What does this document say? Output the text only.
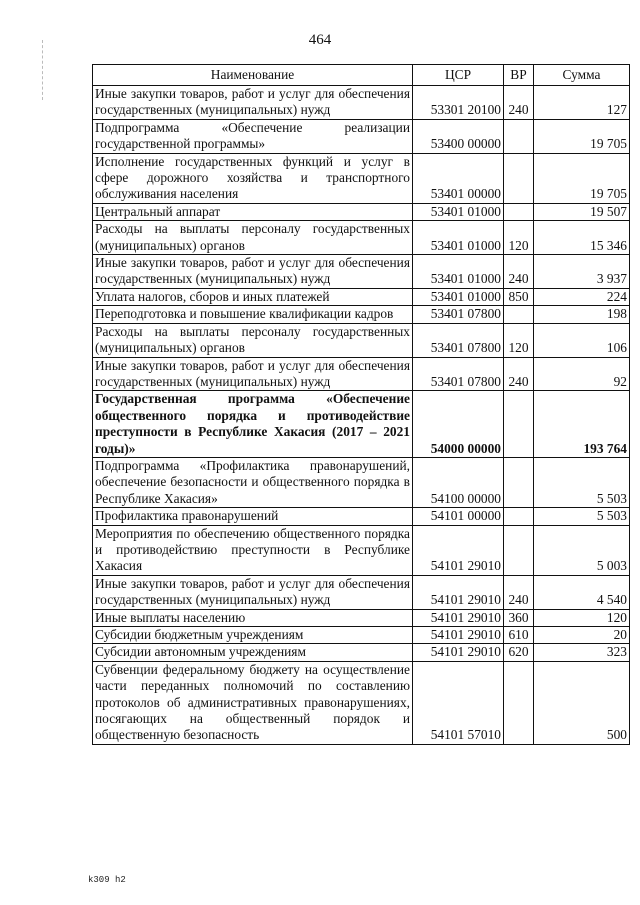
464
Наименование	ЦСР	ВР	Сумма
Иные закупки товаров, работ и услуг для обеспечения государственных (муниципальных) нужд	53301 20100	240	127
Подпрограмма «Обеспечение реализации государственной программы»	53400 00000		19 705
Исполнение государственных функций и услуг в сфере дорожного хозяйства и транспортного обслуживания населения	53401 00000		19 705
Центральный аппарат	53401 01000		19 507
Расходы на выплаты персоналу государственных (муниципальных) органов	53401 01000	120	15 346
Иные закупки товаров, работ и услуг для обеспечения государственных (муниципальных) нужд	53401 01000	240	3 937
Уплата налогов, сборов и иных платежей	53401 01000	850	224
Переподготовка и повышение квалификации кадров	53401 07800		198
Расходы на выплаты персоналу государственных (муниципальных) органов	53401 07800	120	106
Иные закупки товаров, работ и услуг для обеспечения государственных (муниципальных) нужд	53401 07800	240	92
Государственная программа «Обеспечение общественного порядка и противодействие преступности в Республике Хакасия (2017 – 2021 годы)»	54000 00000		193 764
Подпрограмма «Профилактика правонарушений, обеспечение безопасности и общественного порядка в Республике Хакасия»	54100 00000		5 503
Профилактика правонарушений	54101 00000		5 503
Мероприятия по обеспечению общественного порядка и противодействию преступности в Республике Хакасия	54101 29010		5 003
Иные закупки товаров, работ и услуг для обеспечения государственных (муниципальных) нужд	54101 29010	240	4 540
Иные выплаты населению	54101 29010	360	120
Субсидии бюджетным учреждениям	54101 29010	610	20
Субсидии автономным учреждениям	54101 29010	620	323
Субвенции федеральному бюджету на осуществление части переданных полномочий по составлению протоколов об административных правонарушениях, посягающих на общественный порядок и общественную безопасность	54101 57010		500
k309 h2
